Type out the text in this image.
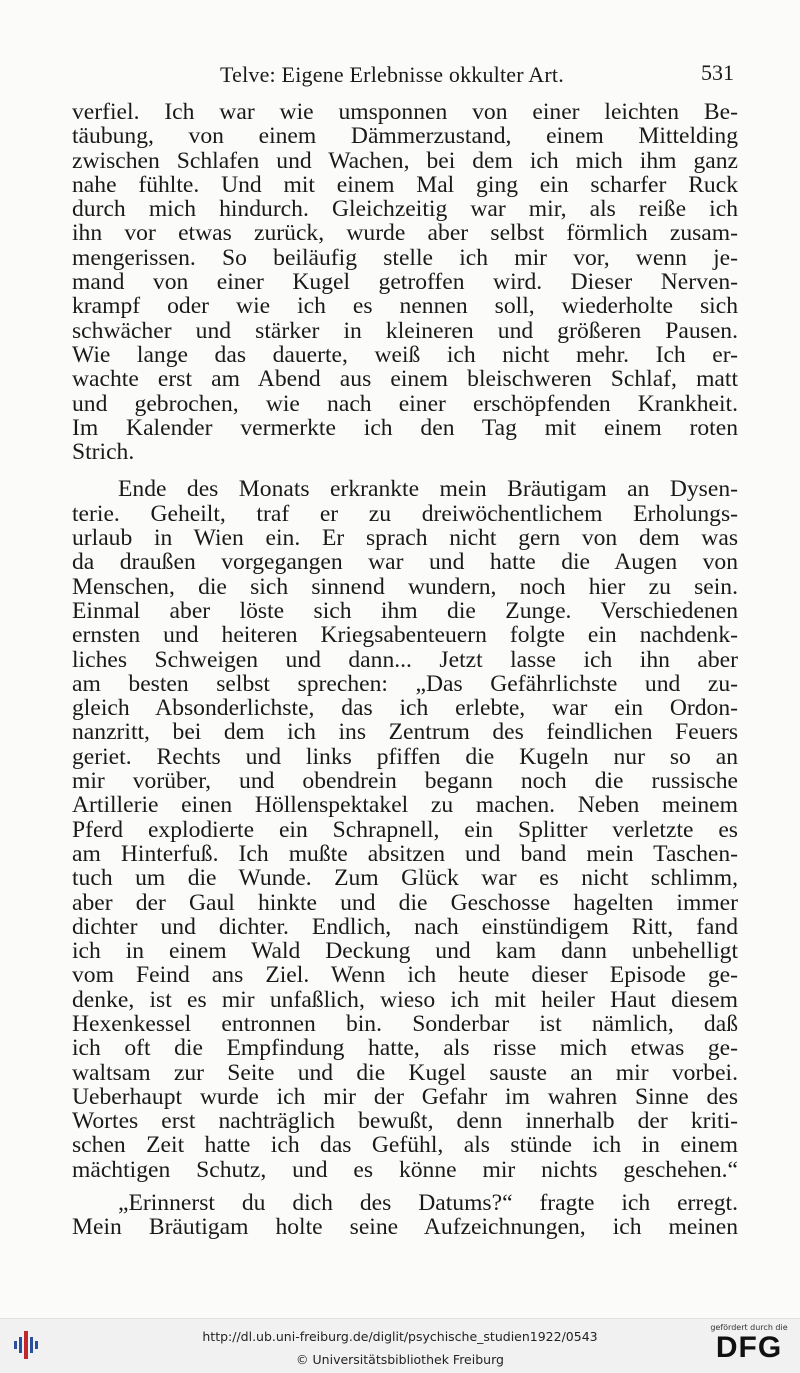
Telve: Eigene Erlebnisse okkulter Art.	531
verfiel. Ich war wie umsponnen von einer leichten Be-
täubung, von einem Dämmerzustand, einem Mittelding
zwischen Schlafen und Wachen, bei dem ich mich ihm ganz
nahe fühlte. Und mit einem Mal ging ein scharfer Ruck
durch mich hindurch. Gleichzeitig war mir, als reiße ich
ihn vor etwas zurück, wurde aber selbst förmlich zusam-
mengerissen. So beiläufig stelle ich mir vor, wenn je-
mand von einer Kugel getroffen wird. Dieser Nerven-
krampf oder wie ich es nennen soll, wiederholte sich
schwächer und stärker in kleineren und größeren Pausen.
Wie lange das dauerte, weiß ich nicht mehr. Ich er-
wachte erst am Abend aus einem bleischweren Schlaf, matt
und gebrochen, wie nach einer erschöpfenden Krankheit.
Im Kalender vermerkte ich den Tag mit einem roten
Strich.
Ende des Monats erkrankte mein Bräutigam an Dysen-
terie. Geheilt, traf er zu dreiwöchentlichem Erholungs-
urlaub in Wien ein. Er sprach nicht gern von dem was
da draußen vorgegangen war und hatte die Augen von
Menschen, die sich sinnend wundern, noch hier zu sein.
Einmal aber löste sich ihm die Zunge. Verschiedenen
ernsten und heiteren Kriegsabenteuern folgte ein nachdenk-
liches Schweigen und dann... Jetzt lasse ich ihn aber
am besten selbst sprechen: „Das Gefährlichste und zu-
gleich Absonderlichste, das ich erlebte, war ein Ordon-
nanzritt, bei dem ich ins Zentrum des feindlichen Feuers
geriet. Rechts und links pfiffen die Kugeln nur so an
mir vorüber, und obendrein begann noch die russische
Artillerie einen Höllenspektakel zu machen. Neben meinem
Pferd explodierte ein Schrapnell, ein Splitter verletzte es
am Hinterfuß. Ich mußte absitzen und band mein Taschen-
tuch um die Wunde. Zum Glück war es nicht schlimm,
aber der Gaul hinkte und die Geschosse hagelten immer
dichter und dichter. Endlich, nach einstündigem Ritt, fand
ich in einem Wald Deckung und kam dann unbehelligt
vom Feind ans Ziel. Wenn ich heute dieser Episode ge-
denke, ist es mir unfaßlich, wieso ich mit heiler Haut diesem
Hexenkessel entronnen bin. Sonderbar ist nämlich, daß
ich oft die Empfindung hatte, als risse mich etwas ge-
waltsam zur Seite und die Kugel sauste an mir vorbei.
Ueberhaupt wurde ich mir der Gefahr im wahren Sinne des
Wortes erst nachträglich bewußt, denn innerhalb der kriti-
schen Zeit hatte ich das Gefühl, als stünde ich in einem
mächtigen Schutz, und es könne mir nichts geschehen.“
„Erinnerst du dich des Datums?“ fragte ich erregt.
Mein Bräutigam holte seine Aufzeichnungen, ich meinen
http://dl.ub.uni-freiburg.de/diglit/psychische_studien1922/0543
© Universitätsbibliothek Freiburg
gefördert durch die
DFG
